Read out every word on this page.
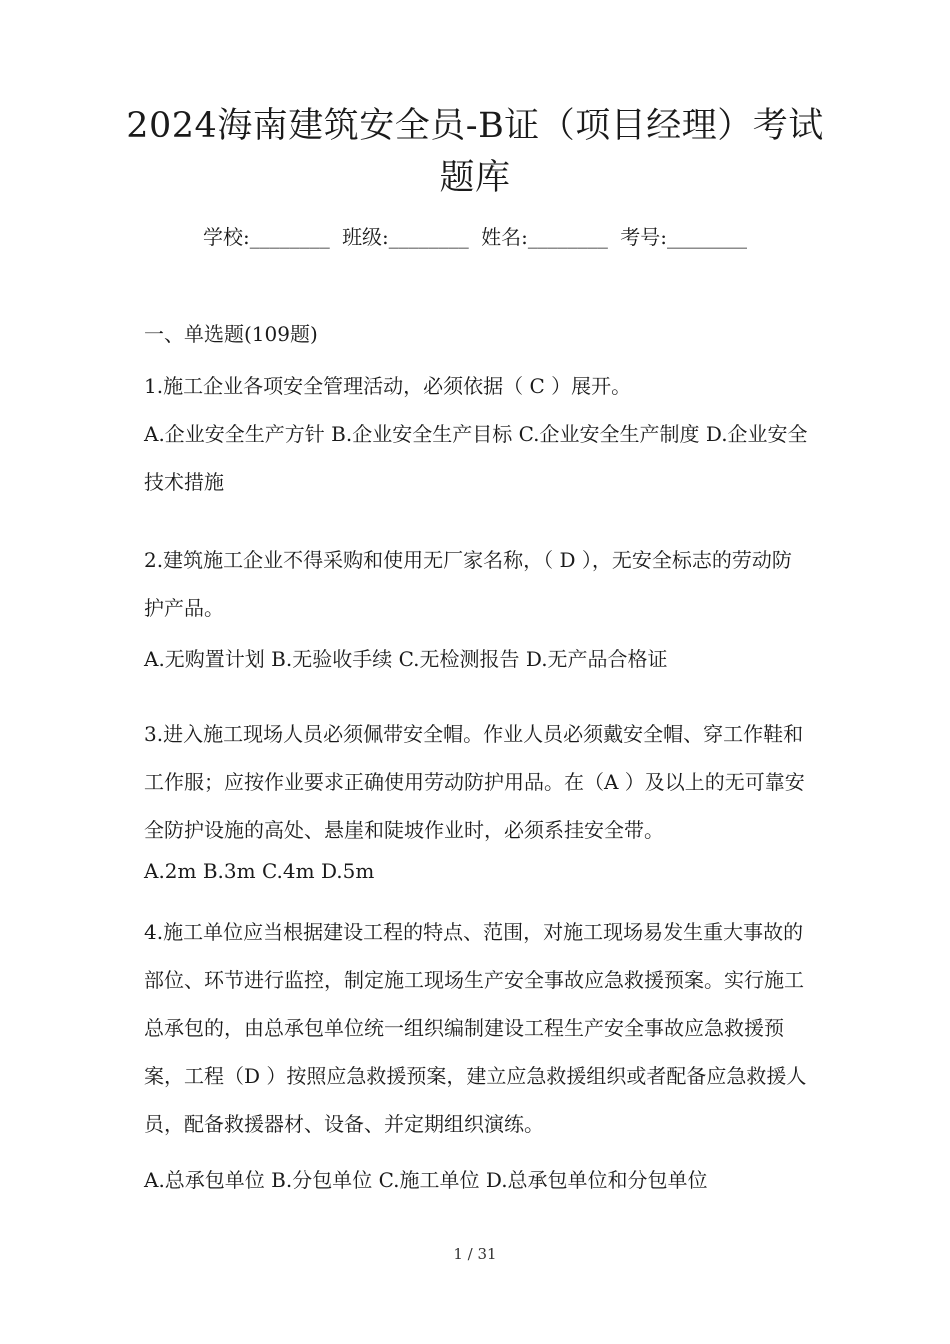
2024海南建筑安全员-B证（项目经理）考试题库
学校:________ 班级:________ 姓名:________ 考号:________
一、单选题(109题)
1.施工企业各项安全管理活动，必须依据（ C ）展开。
A.企业安全生产方针 B.企业安全生产目标 C.企业安全生产制度 D.企业安全技术措施
2.建筑施工企业不得采购和使用无厂家名称，（ D ），无安全标志的劳动防护产品。
A.无购置计划 B.无验收手续 C.无检测报告 D.无产品合格证
3.进入施工现场人员必须佩带安全帽。作业人员必须戴安全帽、穿工作鞋和工作服；应按作业要求正确使用劳动防护用品。在（A ）及以上的无可靠安全防护设施的高处、悬崖和陡坡作业时，必须系挂安全带。
A.2m B.3m C.4m D.5m
4.施工单位应当根据建设工程的特点、范围，对施工现场易发生重大事故的部位、环节进行监控，制定施工现场生产安全事故应急救援预案。实行施工总承包的，由总承包单位统一组织编制建设工程生产安全事故应急救援预案，工程（D ）按照应急救援预案，建立应急救援组织或者配备应急救援人员，配备救援器材、设备、并定期组织演练。
A.总承包单位 B.分包单位 C.施工单位 D.总承包单位和分包单位
1 / 31
